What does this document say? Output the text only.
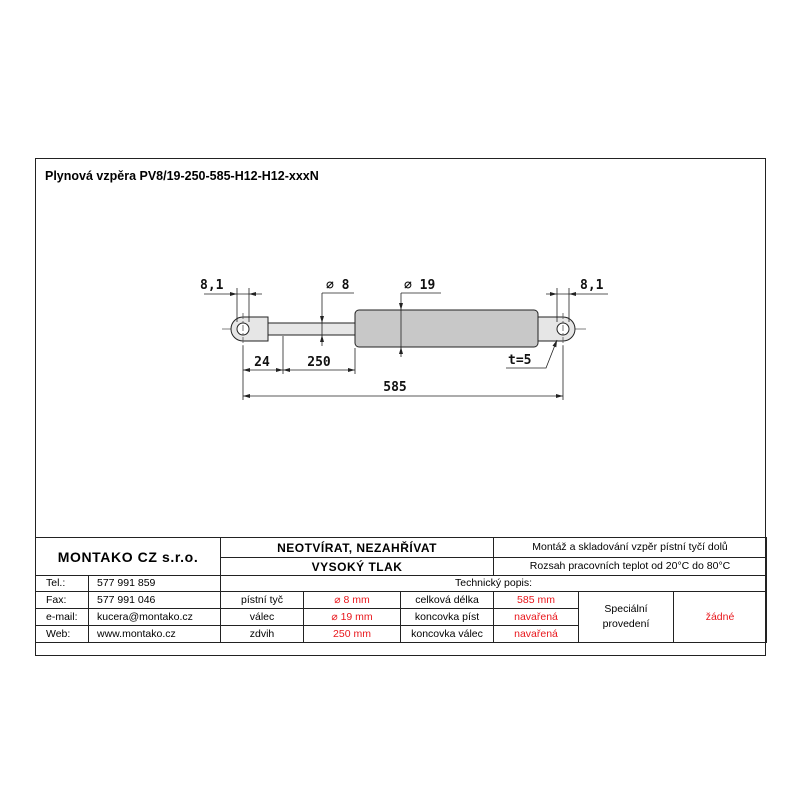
Plynová vzpěra PV8/19-250-585-H12-H12-xxxN
8,1	8,1
⌀ 8	⌀ 19
24	250
585
t=5
MONTAKO CZ s.r.o.		NEOTVÍRAT, NEZAHŘÍVAT			Montáž a skladování vzpěr pístní tyčí dolů		
		VYSOKÝ TLAK			Rozsah pracovních teplot od 20°C do 80°C		
Tel.:	577 991 859	Technický popis:					
Fax:	577 991 046	pístní tyč	⌀ 8 mm	celková délka	585 mm	Speciální provedení	žádné
e-mail:	kucera@montako.cz	válec	⌀ 19 mm	koncovka píst	navařená		
Web:	www.montako.cz	zdvih	250 mm	koncovka válec	navařená		
